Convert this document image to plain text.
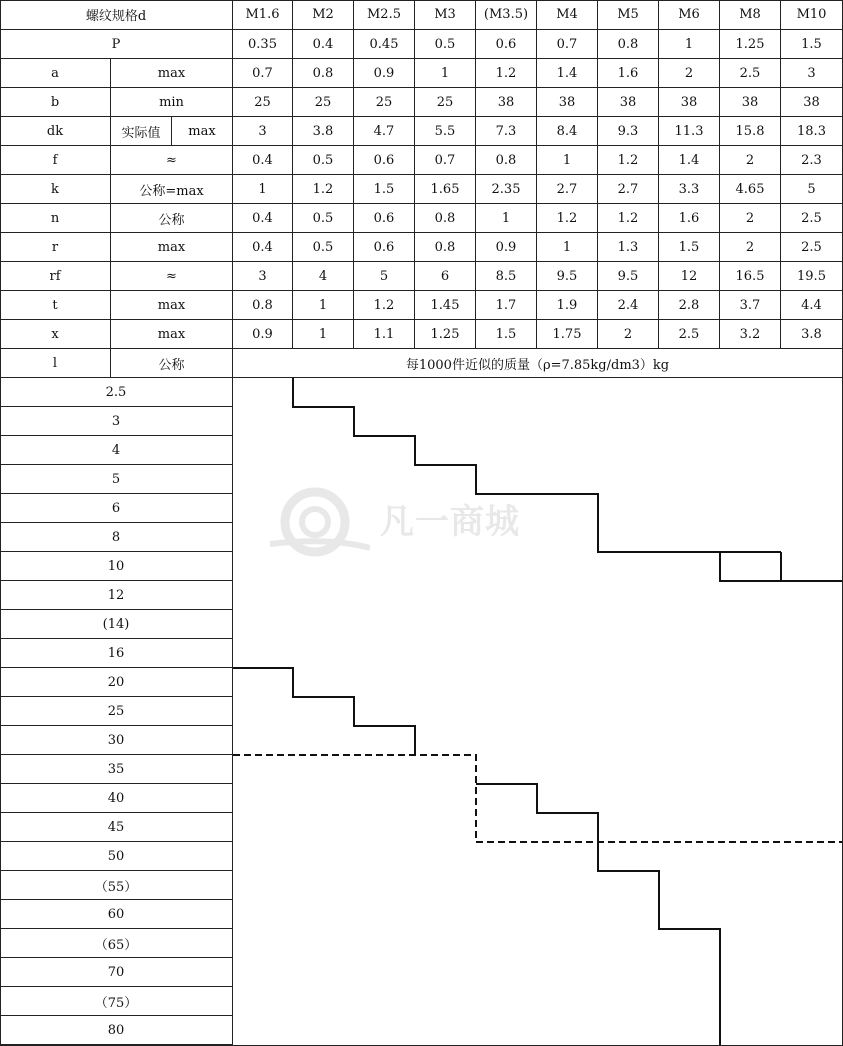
螺纹规格d	M1.6	M2	M2.5	M3	(M3.5)	M4	M5	M6	M8	M10
P	0.35	0.4	0.45	0.5	0.6	0.7	0.8	1	1.25	1.5
a	max	0.7	0.8	0.9	1	1.2	1.4	1.6	2	2.5	3
b	min	25	25	25	25	38	38	38	38	38	38
dk	实际值	max	3	3.8	4.7	5.5	7.3	8.4	9.3	11.3	15.8	18.3
f	≈	0.4	0.5	0.6	0.7	0.8	1	1.2	1.4	2	2.3
k	公称=max	1	1.2	1.5	1.65	2.35	2.7	2.7	3.3	4.65	5
n	公称	0.4	0.5	0.6	0.8	1	1.2	1.2	1.6	2	2.5
r	max	0.4	0.5	0.6	0.8	0.9	1	1.3	1.5	2	2.5
rf	≈	3	4	5	6	8.5	9.5	9.5	12	16.5	19.5
t	max	0.8	1	1.2	1.45	1.7	1.9	2.4	2.8	3.7	4.4
x	max	0.9	1	1.1	1.25	1.5	1.75	2	2.5	3.2	3.8
l	公称	每1000件近似的质量（ρ=7.85kg/dm3）kg
2.5
3
4
5
6
8
10
12
(14)
16
20
25
30
35
40
45
50
（55）
60
（65）
70
（75）
80
凡一商城
